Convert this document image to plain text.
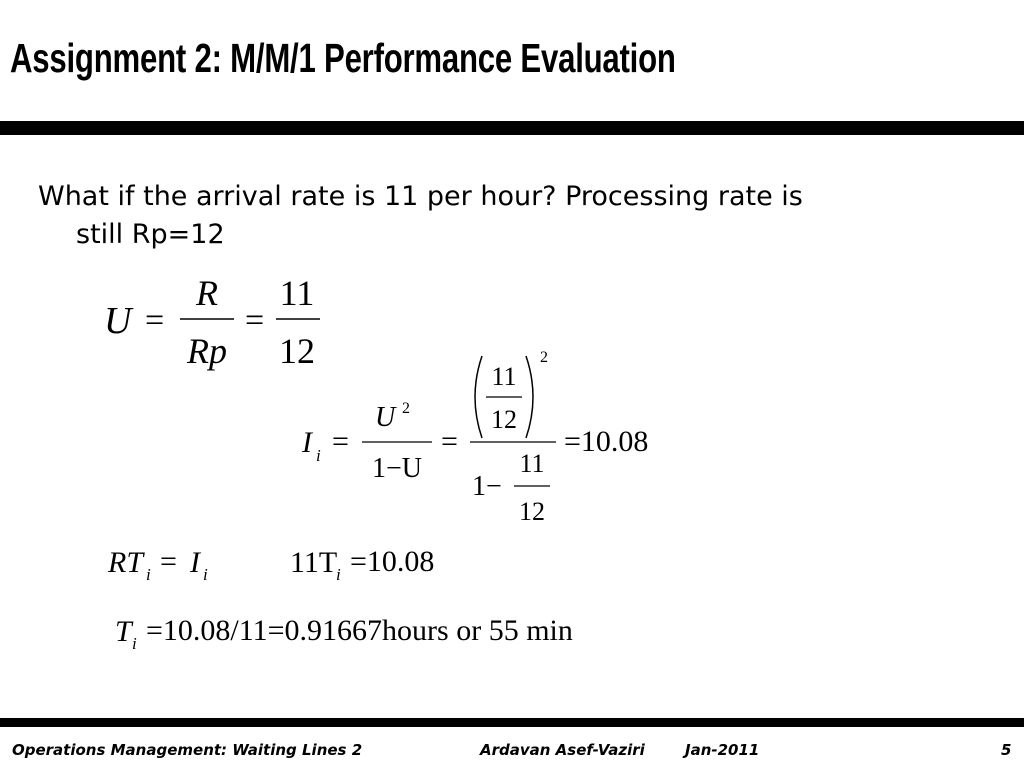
Assignment 2: M/M/1 Performance Evaluation
What if the arrival rate is 11 per hour? Processing rate is
still Rp=12
U =
R
Rp
=
11
12
I i =
U 2
1−U
=
11
12
2
1−
11
12
=10.08
RT i = I i	11T
i =10.08
T i =10.08/11=0.91667hours or 55 min
Operations Management: Waiting Lines 2	Ardavan Asef-Vaziri	Jan-2011	5
